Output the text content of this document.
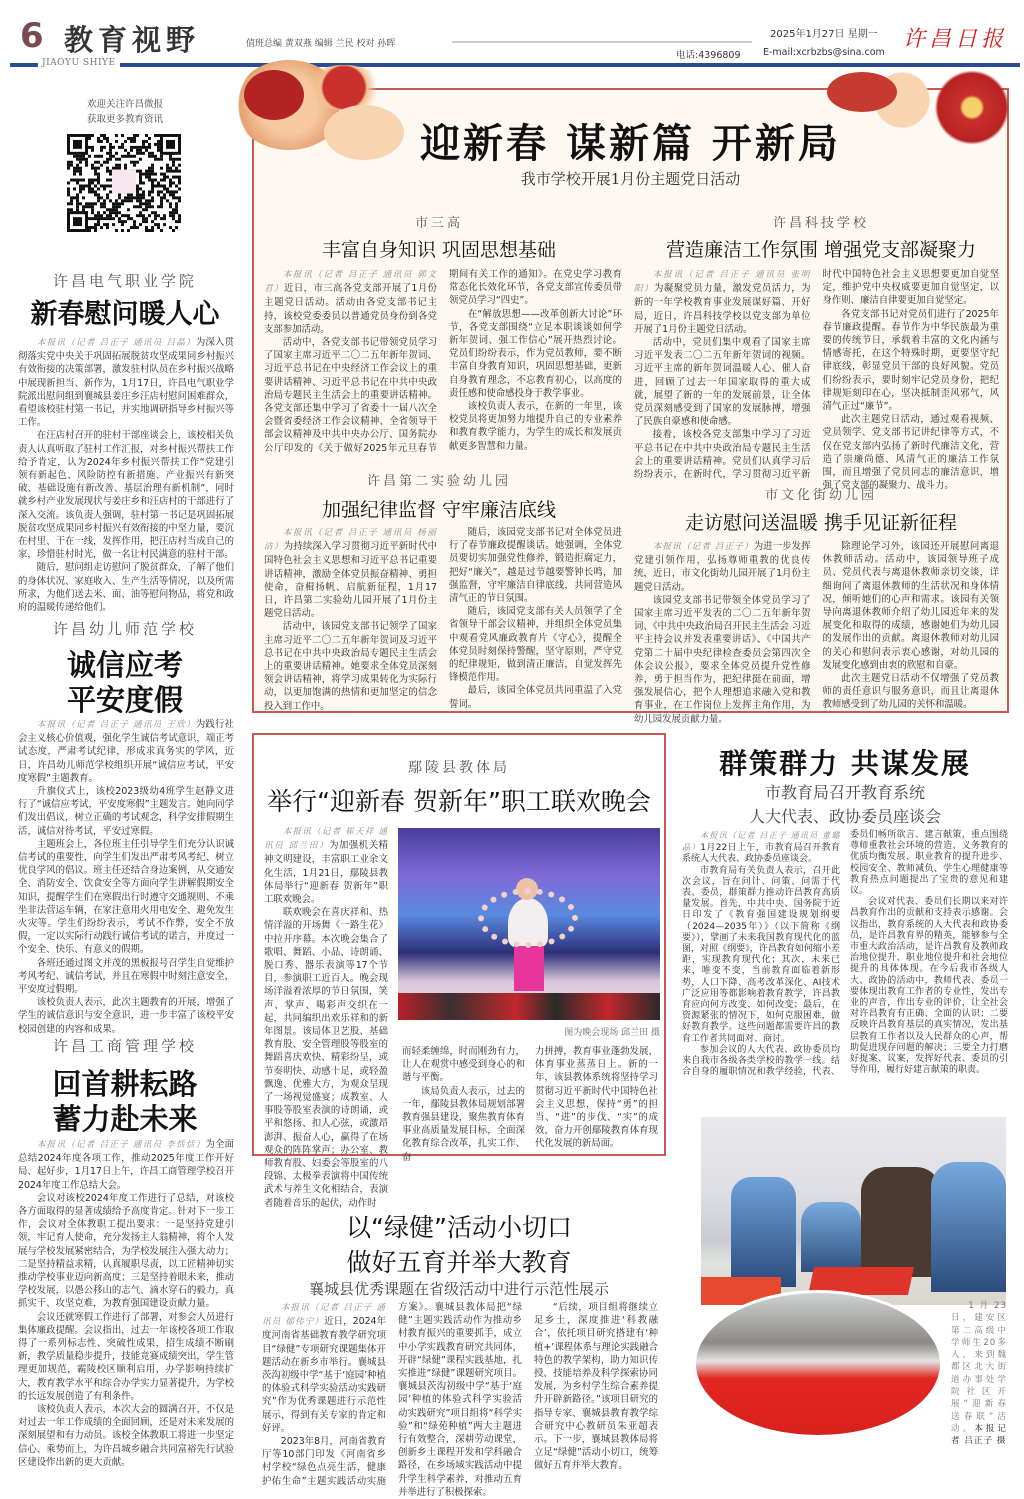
6 教育视野	值班总编 黄双燕 编辑 兰民 校对 孙晖
2025年1月27日 星期一
电话:4396809 E-mail:xcrbzbs@sina.com
许昌日报
JIAOYU SHIYE
欢迎关注许昌微报
获取更多教育资讯
许昌电气职业学院
新春慰问暖人心

本报讯（记者 吕正子 通讯员 吕晶）为深入贯彻落实党中央关于巩固拓展脱贫攻坚成果同乡村振兴有效衔接的决策部署，激发驻村队员在乡村振兴战略中展现新担当、新作为，1月17日，许昌电气职业学院派出慰问组到襄城县姜庄乡汪店村慰问困难群众，看望该校驻村第一书记，并实地调研指导乡村振兴等工作。

在汪店村召开的驻村干部座谈会上，该校相关负责人认真听取了驻村工作汇报，对乡村振兴帮扶工作给予肯定，认为2024年乡村振兴帮扶工作“党建引领有新起色、风险防控有新措施、产业振兴有新突破、基础设施有新改善、基层治理有新机制”，同时就乡村产业发展现状与姜庄乡和汪店村的干部进行了深入交流。该负责人强调，驻村第一书记是巩固拓展脱贫攻坚成果同乡村振兴有效衔接的中坚力量，要沉在村里、干在一线，发挥作用，把汪店村当成自己的家，珍惜驻村时光，做一名让村民满意的驻村干部。

随后，慰问组走访慰问了脱贫群众，了解了他们的身体状况、家庭收入、生产生活等情况，以及所需所求，为他们送去米、面、油等慰问物品，将党和政府的温暖传递给他们。

许昌幼儿师范学校
诚信应考
平安度假

本报讯（记者 吕正子 通讯员 王欣）为践行社会主义核心价值观，强化学生诚信考试意识，端正考试态度，严肃考试纪律，形成求真务实的学风，近日，许昌幼儿师范学校组织开展“诚信应考试，平安度寒假”主题教育。

升旗仪式上，该校2023级幼4班学生赵静文进行了“诚信应考试，平安度寒假”主题发言。她向同学们发出倡议，树立正确的考试观念，科学安排假期生活，诚信对待考试，平安过寒假。

主题班会上，各位班主任引导学生们充分认识诚信考试的重要性，向学生们发出严肃考风考纪、树立优良学风的倡议。班主任还结合身边案例，从交通安全、消防安全、饮食安全等方面向学生讲解假期安全知识，提醒学生们在寒假出行时遵守交通规则、不乘坐非法营运车辆，在家注意用火用电安全、避免发生火灾等。学生们纷纷表示，考试不作弊，安全不放假，一定以实际行动践行诚信考试的诺言，并度过一个安全、快乐、有意义的假期。

各班还通过图文并茂的黑板报号召学生自觉维护考风考纪、诚信考试，并且在寒假中时刻注意安全，平安度过假期。

该校负责人表示，此次主题教育的开展，增强了学生的诚信意识与安全意识，进一步丰富了该校平安校园创建的内容和成果。

许昌工商管理学校
回首耕耘路
蓄力赴未来

本报讯（记者 吕正子 通讯员 李恬恬）为全面总结2024年度各项工作，推动2025年度工作开好局、起好步，1月17日上午，许昌工商管理学校召开2024年度工作总结大会。

会议对该校2024年度工作进行了总结，对该校各方面取得的显著成绩给予高度肯定。针对下一步工作，会议对全体教职工提出要求：一是坚持党建引领，牢记育人使命，充分发扬主人翁精神，将个人发展与学校发展紧密结合，为学校发展注入强大动力；二是坚持精益求精，认真履职尽责，以工匠精神切实推动学校事业迈向新高度；三是坚持着眼未来，推动学校发展，以愚公移山的志气、滴水穿石的毅力，真抓实干、攻坚克难，为教育强国建设贡献力量。

会议还就寒假工作进行了部署，对参会人员进行集体廉政提醒。会议指出，过去一年该校各项工作取得了一系列标志性、突破性成果，招生成绩不断刷新，教学质量稳步提升，技能竞赛成绩突出，学生管理更加规范，霸陵校区顺利启用，办学影响持续扩大，教育教学水平和综合办学实力显著提升，为学校的长远发展创造了有利条件。

该校负责人表示，本次大会的圆满召开，不仅是对过去一年工作成绩的全面回顾，还是对未来发展的深刻展望和有力动员。该校全体教职工将进一步坚定信心、乘势而上，为许昌城乡融合共同富裕先行试验区建设作出新的更大贡献。

迎新春 谋新篇 开新局
我市学校开展1月份主题党日活动
市三高
丰富自身知识 巩固思想基础

本报讯（记者 吕正子 通讯员 郭文君）近日，市三高各党支部开展了1月份主题党日活动。活动由各党支部书记主持，该校党委委员以普通党员身份到各党支部参加活动。

活动中，各党支部书记带领党员学习了国家主席习近平二〇二五年新年贺词、习近平总书记在中央经济工作会议上的重要讲话精神、习近平总书记在中共中央政治局专题民主生活会上的重要讲话精神。各党支部还集中学习了省委十一届八次全会暨省委经济工作会议精神、全省领导干部会议精神及中共中央办公厅、国务院办公厅印发的《关于做好2025年元旦春节期间有关工作的通知》。在党史学习教育常态化长效化环节，各党支部宣传委员带领党员学习“四史”。

在“解放思想——改革创新大讨论”环节，各党支部围绕“立足本职谈谈如何学新年贺词、强工作信心”展开热烈讨论。党员们纷纷表示，作为党员教师，要不断丰富自身教育知识，巩固思想基础，更新自身教育理念，不忘教育初心，以高度的责任感和使命感投身于教学事业。

该校负责人表示，在新的一年里，该校党员将更加努力地提升自己的专业素养和教育教学能力，为学生的成长和发展贡献更多智慧和力量。

许昌科技学校
营造廉洁工作氛围 增强党支部凝聚力

本报讯（记者 吕正子 通讯员 张明阳）为凝聚党员力量，激发党员活力，为新的一年学校教育事业发展谋好篇、开好局，近日，许昌科技学校以党支部为单位开展了1月份主题党日活动。

活动中，党员们集中观看了国家主席习近平发表二〇二五年新年贺词的视频。习近平主席的新年贺词温暖人心、催人奋进，回顾了过去一年国家取得的重大成就，展望了新的一年的发展前景，让全体党员深刻感受到了国家的发展脉搏，增强了民族自豪感和使命感。

接着，该校各党支部集中学习了习近平总书记在中共中央政治局专题民主生活会上的重要讲话精神。党员们认真学习后纷纷表示，在新时代，学习贯彻习近平新时代中国特色社会主义思想要更加自觉坚定，维护党中央权威要更加自觉坚定，以身作则、廉洁自律要更加自觉坚定。

各党支部书记对党员们进行了2025年春节廉政提醒。春节作为中华民族最为重要的传统节日，承载着丰富的文化内涵与情感寄托，在这个特殊时期，更要坚守纪律底线，彰显党员干部的良好风貌。党员们纷纷表示，要时刻牢记党员身份，把纪律规矩刻印在心，坚决抵制歪风邪气，风清气正过“廉节”。

此次主题党日活动，通过观看视频、党员领学、党支部书记讲纪律等方式，不仅在党支部内弘扬了新时代廉洁文化，营造了崇廉尚德、风清气正的廉洁工作氛围，而且增强了党员同志的廉洁意识，增强了党支部的凝聚力、战斗力。

许昌第二实验幼儿园
加强纪律监督 守牢廉洁底线

本报讯（记者 吕正子 通讯员 杨丽洁）为持续深入学习贯彻习近平新时代中国特色社会主义思想和习近平总书记重要讲话精神，激励全体党员振奋精神、勇担使命，奋楫扬帆、启航新征程，1月17日，许昌第二实验幼儿园开展了1月份主题党日活动。

活动中，该园党支部书记领学了国家主席习近平二〇二五年新年贺词及习近平总书记在中共中央政治局专题民主生活会上的重要讲话精神。她要求全体党员深刻领会讲话精神，将学习成果转化为实际行动，以更加饱满的热情和更加坚定的信念投入到工作中。

随后，该园党支部书记对全体党员进行了春节廉政提醒谈话。她强调，全体党员要切实加强党性修养，锻造拒腐定力，把好“廉关”，越是过节越要警钟长鸣，加强监督，守牢廉洁自律底线，共同营造风清气正的节日氛围。

随后，该园党支部有关人员领学了全省领导干部会议精神，并组织全体党员集中观看党风廉政教育片《守心》，提醒全体党员时刻保持警醒，坚守原则，严守党的纪律规矩，做到清正廉洁，自觉发挥先锋模范作用。

最后，该园全体党员共同重温了入党誓词。

市文化街幼儿园
走访慰问送温暖 携手见证新征程

本报讯（记者 吕正子）为进一步发挥党建引领作用，弘扬尊师重教的优良传统，近日，市文化街幼儿园开展了1月份主题党日活动。

该园党支部书记带领全体党员学习了国家主席习近平发表的二〇二五年新年贺词、《中共中央政治局召开民主生活会 习近平主持会议并发表重要讲话》、《中国共产党第二十届中央纪律检查委员会第四次全体会议公报》，要求全体党员提升党性修养，勇于担当作为，把纪律挺在前面，增强发展信心，把个人理想追求融入党和教育事业，在工作岗位上发挥主角作用，为幼儿园发展贡献力量。

除理论学习外，该园还开展慰问离退休教师活动。活动中，该园领导班子成员、党员代表与离退休教师亲切交谈，详细询问了离退休教师的生活状况和身体情况，倾听她们的心声和需求。该园有关领导向离退休教师介绍了幼儿园近年来的发展变化和取得的成绩，感谢她们为幼儿园的发展作出的贡献。离退休教师对幼儿园的关心和慰问表示衷心感谢，对幼儿园的发展变化感到由衷的欣慰和自豪。

此次主题党日活动不仅增强了党员教师的责任意识与服务意识，而且让离退休教师感受到了幼儿园的关怀和温暖。

鄢陵县教体局
举行“迎新春 贺新年”职工联欢晚会

本报讯（记者 崔天祥 通讯员 邱兰田）为加强机关精神文明建设，丰富职工业余文化生活，1月21日，鄢陵县教体局举行“迎新春 贺新年”职工联欢晚会。

联欢晚会在喜庆祥和、热情洋溢的开场舞《一路生花》中拉开序幕。本次晚会集合了歌唱、舞蹈、小品、诗朗诵、脱口秀、器乐表演等17个节目，参演职工近百人。晚会现场洋溢着浓厚的节日氛围，笑声、掌声、喝彩声交织在一起，共同编织出欢乐祥和的新年图景。该局体卫艺股、基础教育股、安全管理股等股室的舞蹈喜庆欢快、精彩纷呈，或节奏明快、动感十足，或轻盈飘逸、优雅大方，为观众呈现了一场视觉盛宴；成教室、人事股等股室表演的诗朗诵，或平和悠扬、扣人心弦，或激昂澎湃、振奋人心，赢得了在场观众的阵阵掌声；办公室、教师教育股、妇委会等股室的八段锦、太极拳表演将中国传统武术与养生文化相结合，表演者随着音乐的起伏，动作时

图为晚会现场 邱兰田 摄

而轻柔缠绵，时而刚劲有力，让人在观赏中感受到身心的和谐与平衡。

该局负责人表示，过去的一年，鄢陵县教体局规划部署教育强县建设，聚焦教育体育事业高质量发展目标，全面深化教育综合改革，扎实工作、奋

力拼搏，教育事业蓬勃发展，体育事业蒸蒸日上。新的一年，该县教体系统将坚持学习贯彻习近平新时代中国特色社会主义思想，保持“勇”的担当、“进”的步伐、“实”的成效，奋力开创鄢陵教育体育现代化发展的新局面。

群策群力 共谋发展
市教育局召开教育系统
人大代表、政协委员座谈会

本报讯（记者 吕正子 通讯员 董璐晶）1月22日上午，市教育局召开教育系统人大代表、政协委员座谈会。

市教育局有关负责人表示，召开此次会议，旨在问计、问策、问需于代表、委员，群策群力推动许昌教育高质量发展。首先，中共中央、国务院于近日印发了《教育强国建设规划纲要（2024—2035年）》（以下简称《纲要》），擘画了未来我国教育现代化的蓝图，对照《纲要》，许昌教育如何缩小差距，实现教育现代化；其次，未来已来，唯变不变，当前教育面临着新形势，人口下降、高考改革深化、AI技术广泛应用等都影响着教育教学，许昌教育应向何方改变、如何改变；最后，在资源紧张的情况下，如何克服困难，做好教育教学。这些问题都需要许昌的教育工作者共同面对、商讨。

参加会议的人大代表、政协委员均来自我市各级各类学校的教学一线。结合自身的履职情况和教学经验，代表、委员们畅所欲言、建言献策，重点围绕尊师重教社会环境的营造、义务教育的优质均衡发展、职业教育的提升进步、校园安全、教师减负、学生心理健康等教育热点问题提出了宝贵的意见和建议。

会议对代表、委员们长期以来对许昌教育作出的贡献和支持表示感谢。会议指出，教育系统的人大代表和政协委员，是许昌教育界的精英，能够参与全市重大政治活动，是许昌教育及教师政治地位提升、职业地位提升和社会地位提升的具体体现。在今后我市各级人大、政协的活动中，教师代表、委员一要体现出教育工作者的专业性，发出专业的声音，作出专业的评价，让全社会对许昌教育有正确、全面的认识；二要反映许昌教育基层的真实情况，发出基层教育工作者以及人民群众的心声，帮助促进现存问题的解决；三要全力打磨好提案、议案，发挥好代表、委员的引导作用，履行好建言献策的职责。

1月23日，建安区第二高级中学师生20多人，来到魏都区北大街道办事处学院社区开展“迎新春 送春联”活动。本报记者 吕正子 摄
以“绿健”活动小切口
做好五育并举大教育
襄城县优秀课题在省级活动中进行示范性展示

本报讯（记者 吕正子 通讯员 郁伟宁）近日，2024年度河南省基础教育教学研究项目“绿健”专项研究课题集体开题活动在新乡市举行。襄城县茨沟初级中学“基于‘庭园’种植的体验式科学实验活动实践研究”作为优秀课题进行示范性展示，得到有关专家的肯定和好评。

2023年8月，河南省教育厅等10部门印发《河南省乡村学校“绿色点亮生活，健康护佑生命”主题实践活动实施方案》。襄城县教体局把“绿健”主题实践活动作为推动乡村教育振兴的重要抓手，成立中小学实践教育研究共同体，开辟“绿健”课程实践基地，扎实推进“绿健”课题研究项目。襄城县茨沟初级中学“基于‘庭园’种植的体验式科学实验活动实践研究”项目组将“科学实验”和“绿苑种植”两大主题进行有效整合，深耕劳动课堂，创新乡土课程开发和学科融合路径，在乡场域实践活动中提升学生科学素养，对推动五育并举进行了积极探索。

“后续，项目组将继续立足乡土，深度推进‘科教融合’，依托项目研究搭建有‘种植+’课程体系与理论实践融合特色的教学架构，助力知识传授、技能培养及科学探索协同发展，为乡村学生综合素养提升开辟新路径。”该项目研究的指导专家、襄城县教育教学综合研究中心教研员朱亚超表示。下一步，襄城县教体局将立足“绿健”活动小切口，统筹做好五育并举大教育。
